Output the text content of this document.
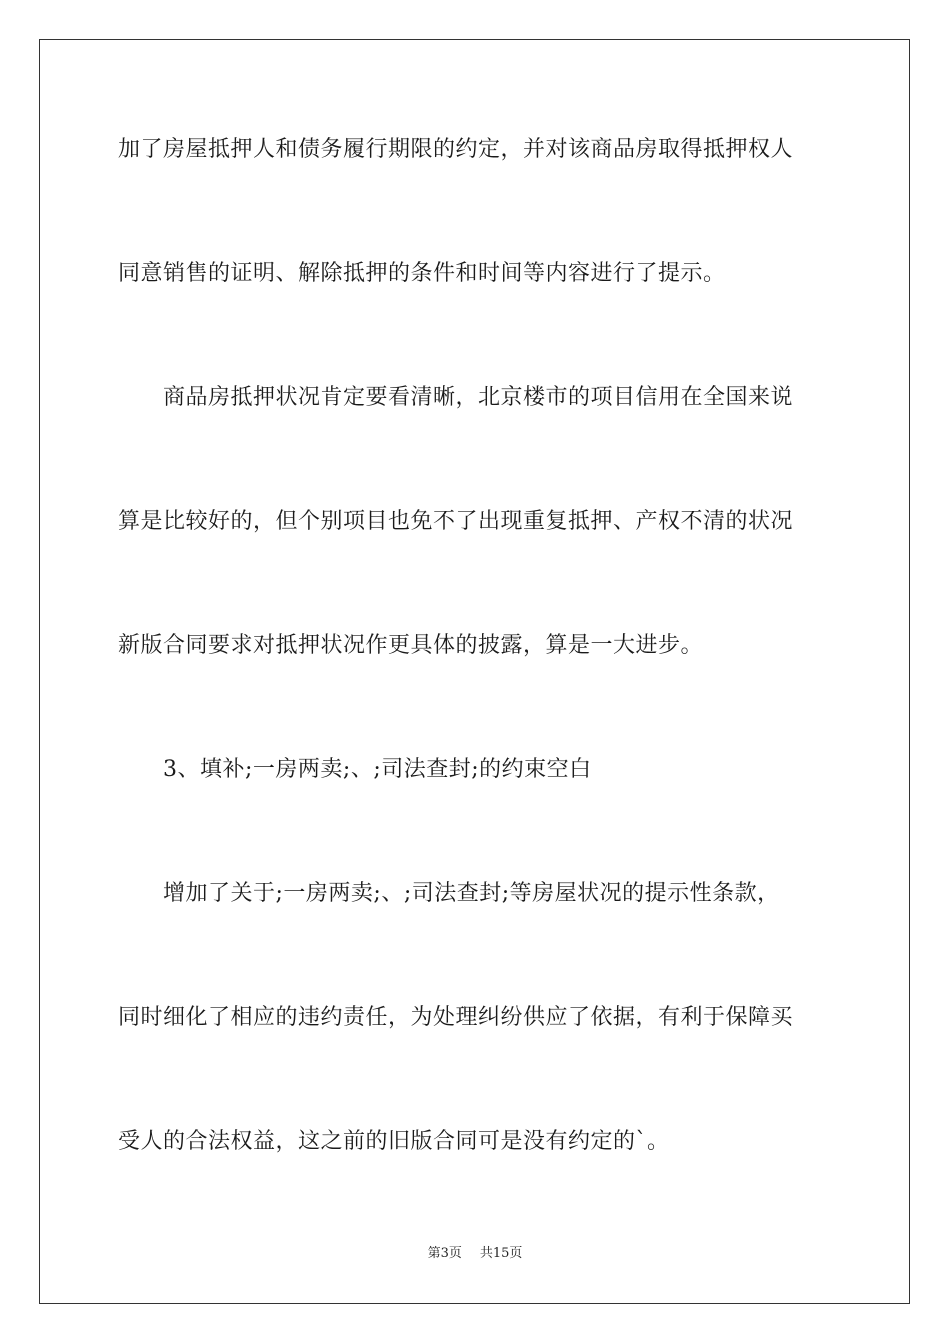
加了房屋抵押人和债务履行期限的约定，并对该商品房取得抵押权人
同意销售的证明、解除抵押的条件和时间等内容进行了提示。
商品房抵押状况肯定要看清晰，北京楼市的项目信用在全国来说
算是比较好的，但个别项目也免不了出现重复抵押、产权不清的状况
新版合同要求对抵押状况作更具体的披露，算是一大进步。
3、填补;一房两卖;、;司法查封;的约束空白
增加了关于;一房两卖;、;司法查封;等房屋状况的提示性条款，
同时细化了相应的违约责任，为处理纠纷供应了依据，有利于保障买
受人的合法权益，这之前的旧版合同可是没有约定的`。
第3页 共15页
